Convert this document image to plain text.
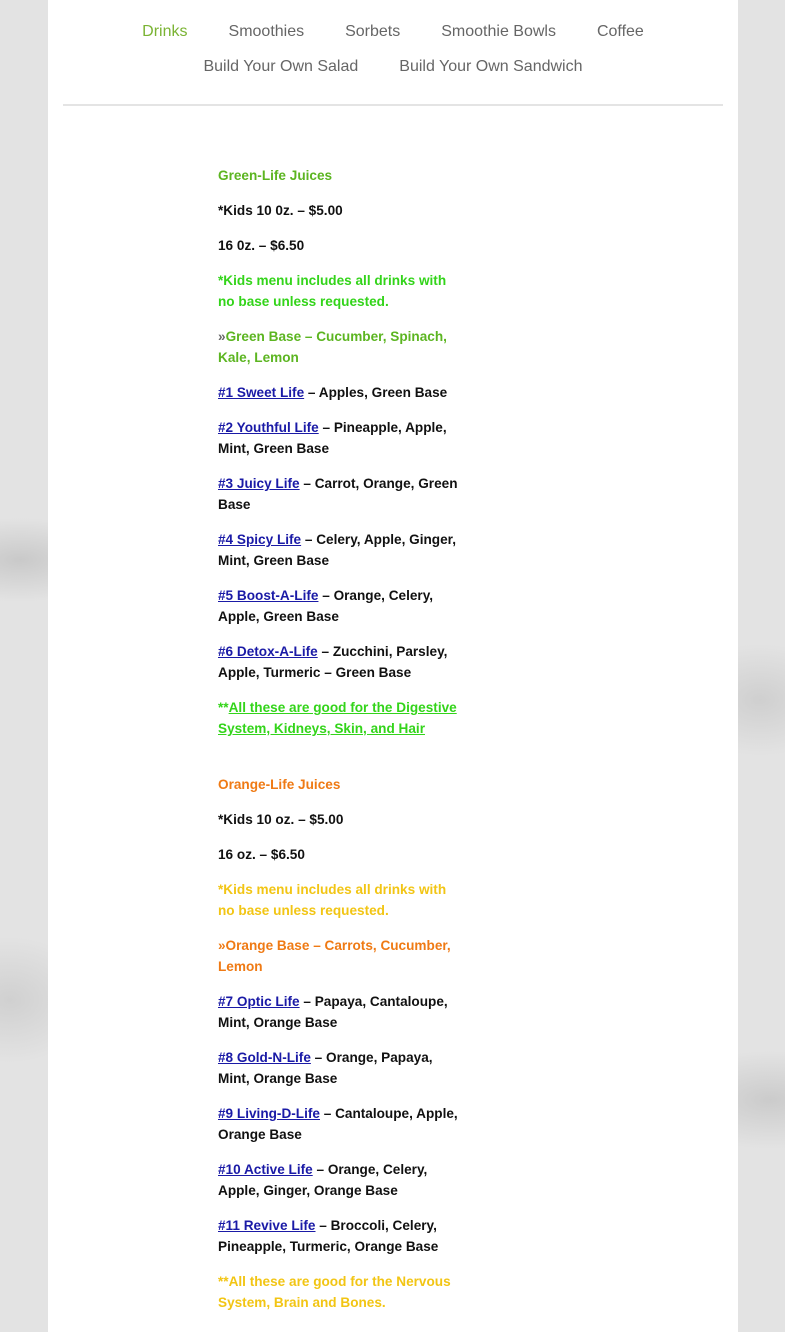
Drinks	Smoothies	Sorbets	Smoothie Bowls	Coffee
Build Your Own Salad	Build Your Own Sandwich

Green-Life Juices

*Kids 10 0z. – $5.00

16 0z. – $6.50

*Kids menu includes all drinks with no base unless requested.

»Green Base – Cucumber, Spinach, Kale, Lemon

#1 Sweet Life – Apples, Green Base

#2 Youthful Life – Pineapple, Apple, Mint, Green Base

#3 Juicy Life – Carrot, Orange, Green Base

#4 Spicy Life – Celery, Apple, Ginger, Mint, Green Base

#5 Boost-A-Life – Orange, Celery, Apple, Green Base

#6 Detox-A-Life – Zucchini, Parsley, Apple, Turmeric – Green Base

**All these are good for the Digestive System, Kidneys, Skin, and Hair

Orange-Life Juices

*Kids 10 oz. – $5.00

16 oz. – $6.50

*Kids menu includes all drinks with no base unless requested.

»Orange Base – Carrots, Cucumber, Lemon

#7 Optic Life – Papaya, Cantaloupe, Mint, Orange Base

#8 Gold-N-Life – Orange, Papaya, Mint, Orange Base

#9 Living-D-Life – Cantaloupe, Apple, Orange Base

#10 Active Life – Orange, Celery, Apple, Ginger, Orange Base

#11 Revive Life – Broccoli, Celery, Pineapple, Turmeric, Orange Base

**All these are good for the Nervous System, Brain and Bones.
